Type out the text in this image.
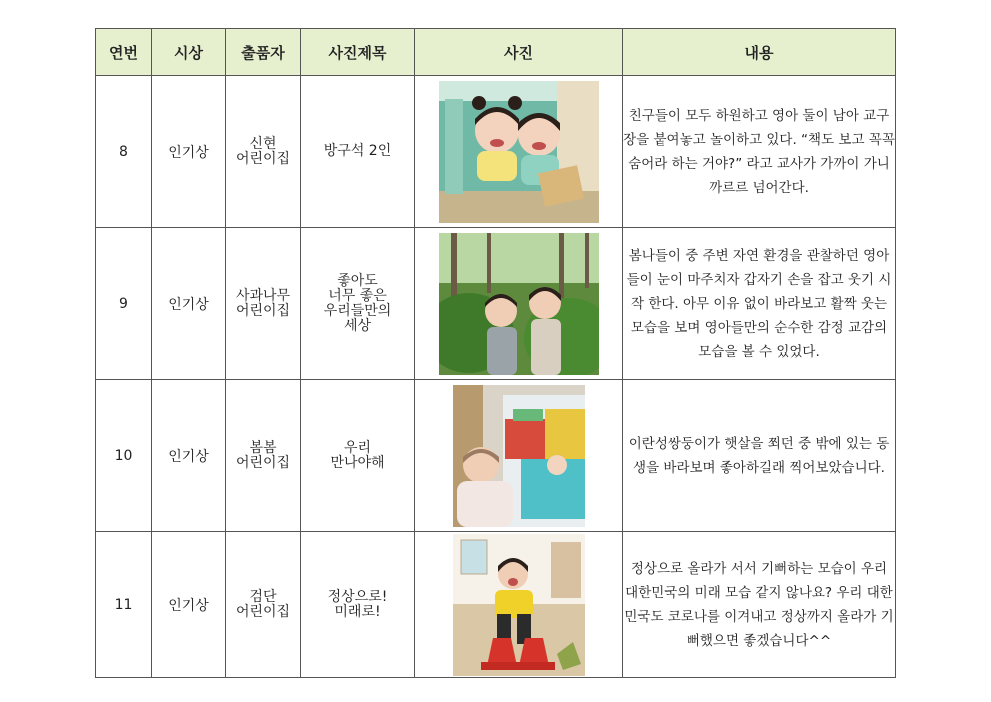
연번	시상	출품자	사진제목	사진	내용
8	인기상	신현
어린이집	방구석 2인		친구들이 모두 하원하고 영아 둘이 남아 교구장을 붙여놓고 놀이하고 있다. “책도 보고 꼭꼭 숨어라 하는 거야?” 라고 교사가 가까이 가니 까르르 넘어간다.
9	인기상	사과나무
어린이집	좋아도
너무 좋은
우리들만의
세상		봄나들이 중 주변 자연 환경을 관찰하던 영아들이 눈이 마주치자 갑자기 손을 잡고 웃기 시작 한다. 아무 이유 없이 바라보고 활짝 웃는 모습을 보며 영아들만의 순수한 감정 교감의 모습을 볼 수 있었다.
10	인기상	봄봄
어린이집	우리
만나야해		이란성쌍둥이가 햇살을 쬐던 중 밖에 있는 동생을 바라보며 좋아하길래 찍어보았습니다.
11	인기상	검단
어린이집	정상으로!
미래로!		정상으로 올라가 서서 기뻐하는 모습이 우리 대한민국의 미래 모습 같지 않나요? 우리 대한민국도 코로나를 이겨내고 정상까지 올라가 기뻐했으면 좋겠습니다^^
